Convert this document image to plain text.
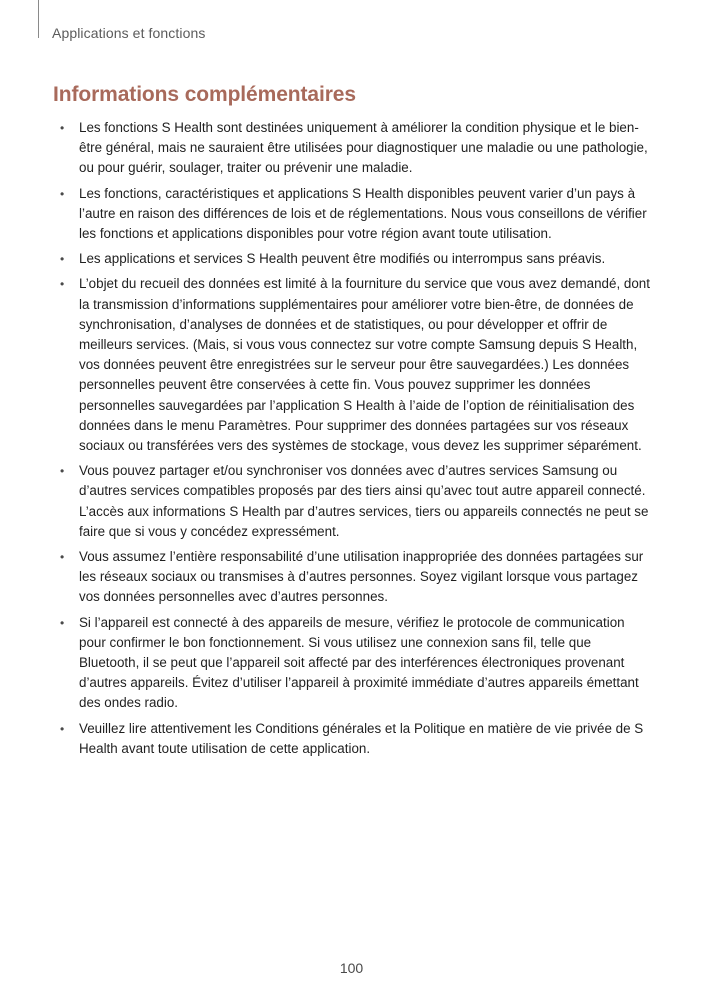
Applications et fonctions
Informations complémentaires
• Les fonctions S Health sont destinées uniquement à améliorer la condition physique et le bien-être général, mais ne sauraient être utilisées pour diagnostiquer une maladie ou une pathologie, ou pour guérir, soulager, traiter ou prévenir une maladie.
• Les fonctions, caractéristiques et applications S Health disponibles peuvent varier d’un pays à l’autre en raison des différences de lois et de réglementations. Nous vous conseillons de vérifier les fonctions et applications disponibles pour votre région avant toute utilisation.
• Les applications et services S Health peuvent être modifiés ou interrompus sans préavis.
• L’objet du recueil des données est limité à la fourniture du service que vous avez demandé, dont la transmission d’informations supplémentaires pour améliorer votre bien-être, de données de synchronisation, d’analyses de données et de statistiques, ou pour développer et offrir de meilleurs services. (Mais, si vous vous connectez sur votre compte Samsung depuis S Health, vos données peuvent être enregistrées sur le serveur pour être sauvegardées.) Les données personnelles peuvent être conservées à cette fin. Vous pouvez supprimer les données personnelles sauvegardées par l’application S Health à l’aide de l’option de réinitialisation des données dans le menu Paramètres. Pour supprimer des données partagées sur vos réseaux sociaux ou transférées vers des systèmes de stockage, vous devez les supprimer séparément.
• Vous pouvez partager et/ou synchroniser vos données avec d’autres services Samsung ou d’autres services compatibles proposés par des tiers ainsi qu’avec tout autre appareil connecté. L’accès aux informations S Health par d’autres services, tiers ou appareils connectés ne peut se faire que si vous y concédez expressément.
• Vous assumez l’entière responsabilité d’une utilisation inappropriée des données partagées sur les réseaux sociaux ou transmises à d’autres personnes. Soyez vigilant lorsque vous partagez vos données personnelles avec d’autres personnes.
• Si l’appareil est connecté à des appareils de mesure, vérifiez le protocole de communication pour confirmer le bon fonctionnement. Si vous utilisez une connexion sans fil, telle que Bluetooth, il se peut que l’appareil soit affecté par des interférences électroniques provenant d’autres appareils. Évitez d’utiliser l’appareil à proximité immédiate d’autres appareils émettant des ondes radio.
• Veuillez lire attentivement les Conditions générales et la Politique en matière de vie privée de S Health avant toute utilisation de cette application.
100
